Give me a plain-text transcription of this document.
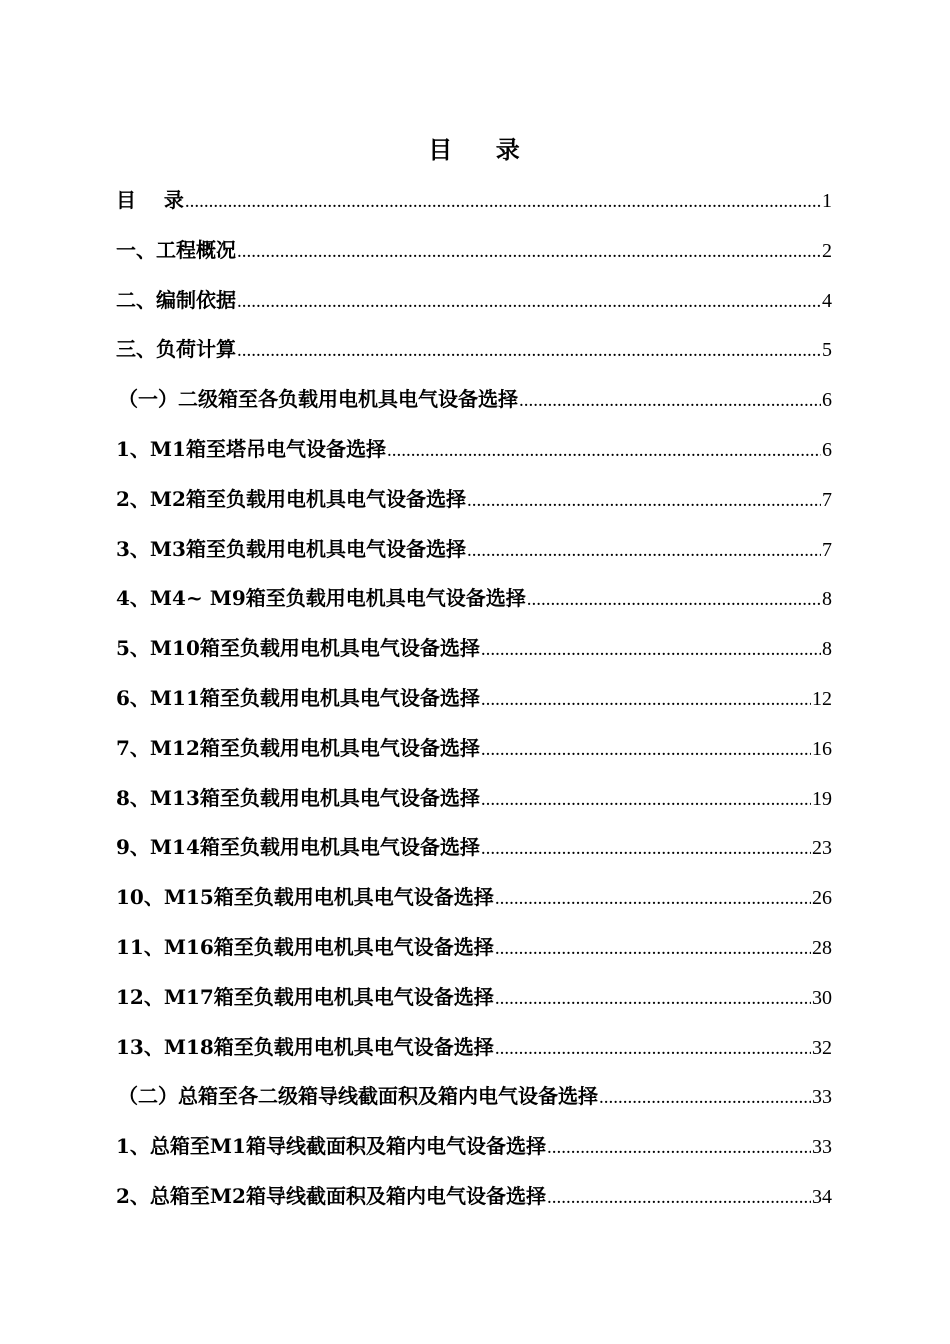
目    录
目    录 .....	1
一、工程概况 .....	2
二、编制依据 .....	4
三、负荷计算 .....	5
（一）二级箱至各负载用电机具电气设备选择 .....	6
1、M1箱至塔吊电气设备选择 .....	6
2、M2箱至负载用电机具电气设备选择 .....	7
3、M3箱至负载用电机具电气设备选择 .....	7
4、M4~ M9箱至负载用电机具电气设备选择 .....	8
5、M10箱至负载用电机具电气设备选择 .....	8
6、M11箱至负载用电机具电气设备选择 .....	12
7、M12箱至负载用电机具电气设备选择 .....	16
8、M13箱至负载用电机具电气设备选择 .....	19
9、M14箱至负载用电机具电气设备选择 .....	23
10、M15箱至负载用电机具电气设备选择 .....	26
11、M16箱至负载用电机具电气设备选择 .....	28
12、M17箱至负载用电机具电气设备选择 .....	30
13、M18箱至负载用电机具电气设备选择 .....	32
（二）总箱至各二级箱导线截面积及箱内电气设备选择 .....	33
1、总箱至M1箱导线截面积及箱内电气设备选择 .....	33
2、总箱至M2箱导线截面积及箱内电气设备选择 .....	34
